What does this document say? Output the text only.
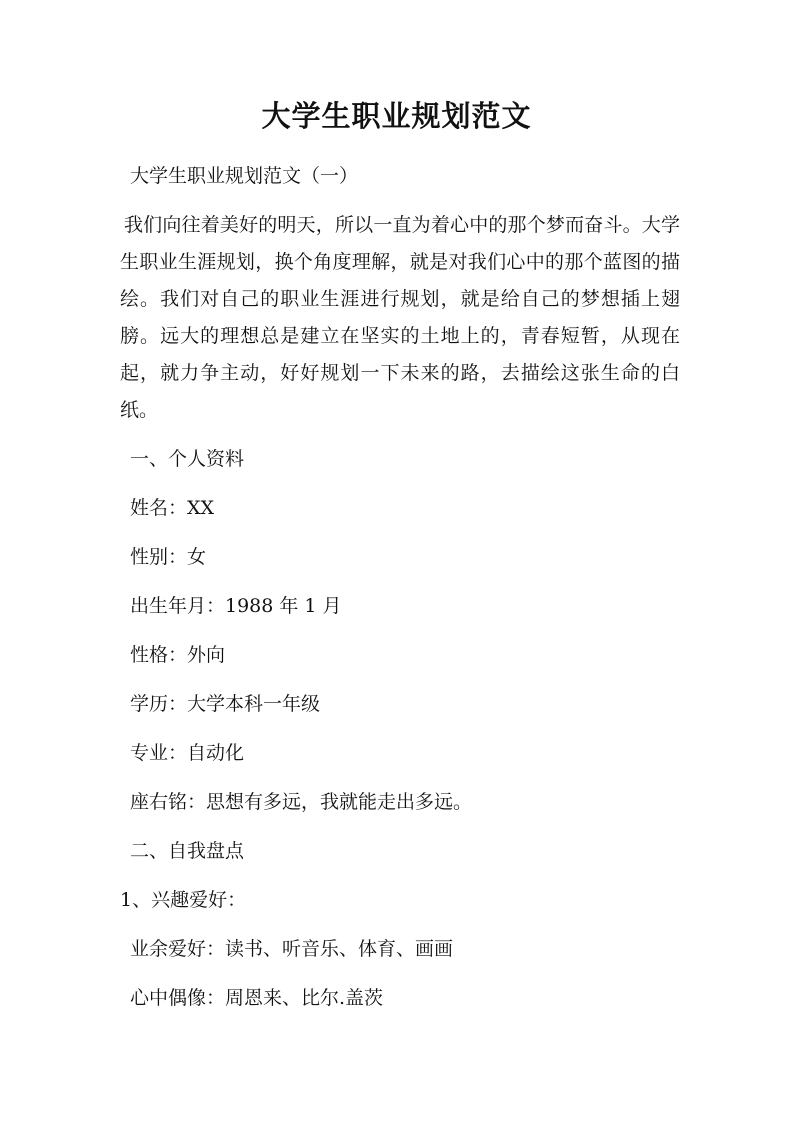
大学生职业规划范文

大学生职业规划范文（一）

我们向往着美好的明天，所以一直为着心中的那个梦而奋斗。大学生职业生涯规划，换个角度理解，就是对我们心中的那个蓝图的描绘。我们对自己的职业生涯进行规划，就是给自己的梦想插上翅膀。远大的理想总是建立在坚实的土地上的，青春短暂，从现在起，就力争主动，好好规划一下未来的路，去描绘这张生命的白纸。

一、个人资料

姓名：XX

性别：女

出生年月：1988 年 1 月

性格：外向

学历：大学本科一年级

专业：自动化

座右铭：思想有多远，我就能走出多远。

二、自我盘点

1、兴趣爱好：

业余爱好：读书、听音乐、体育、画画

心中偶像：周恩来、比尔.盖茨
